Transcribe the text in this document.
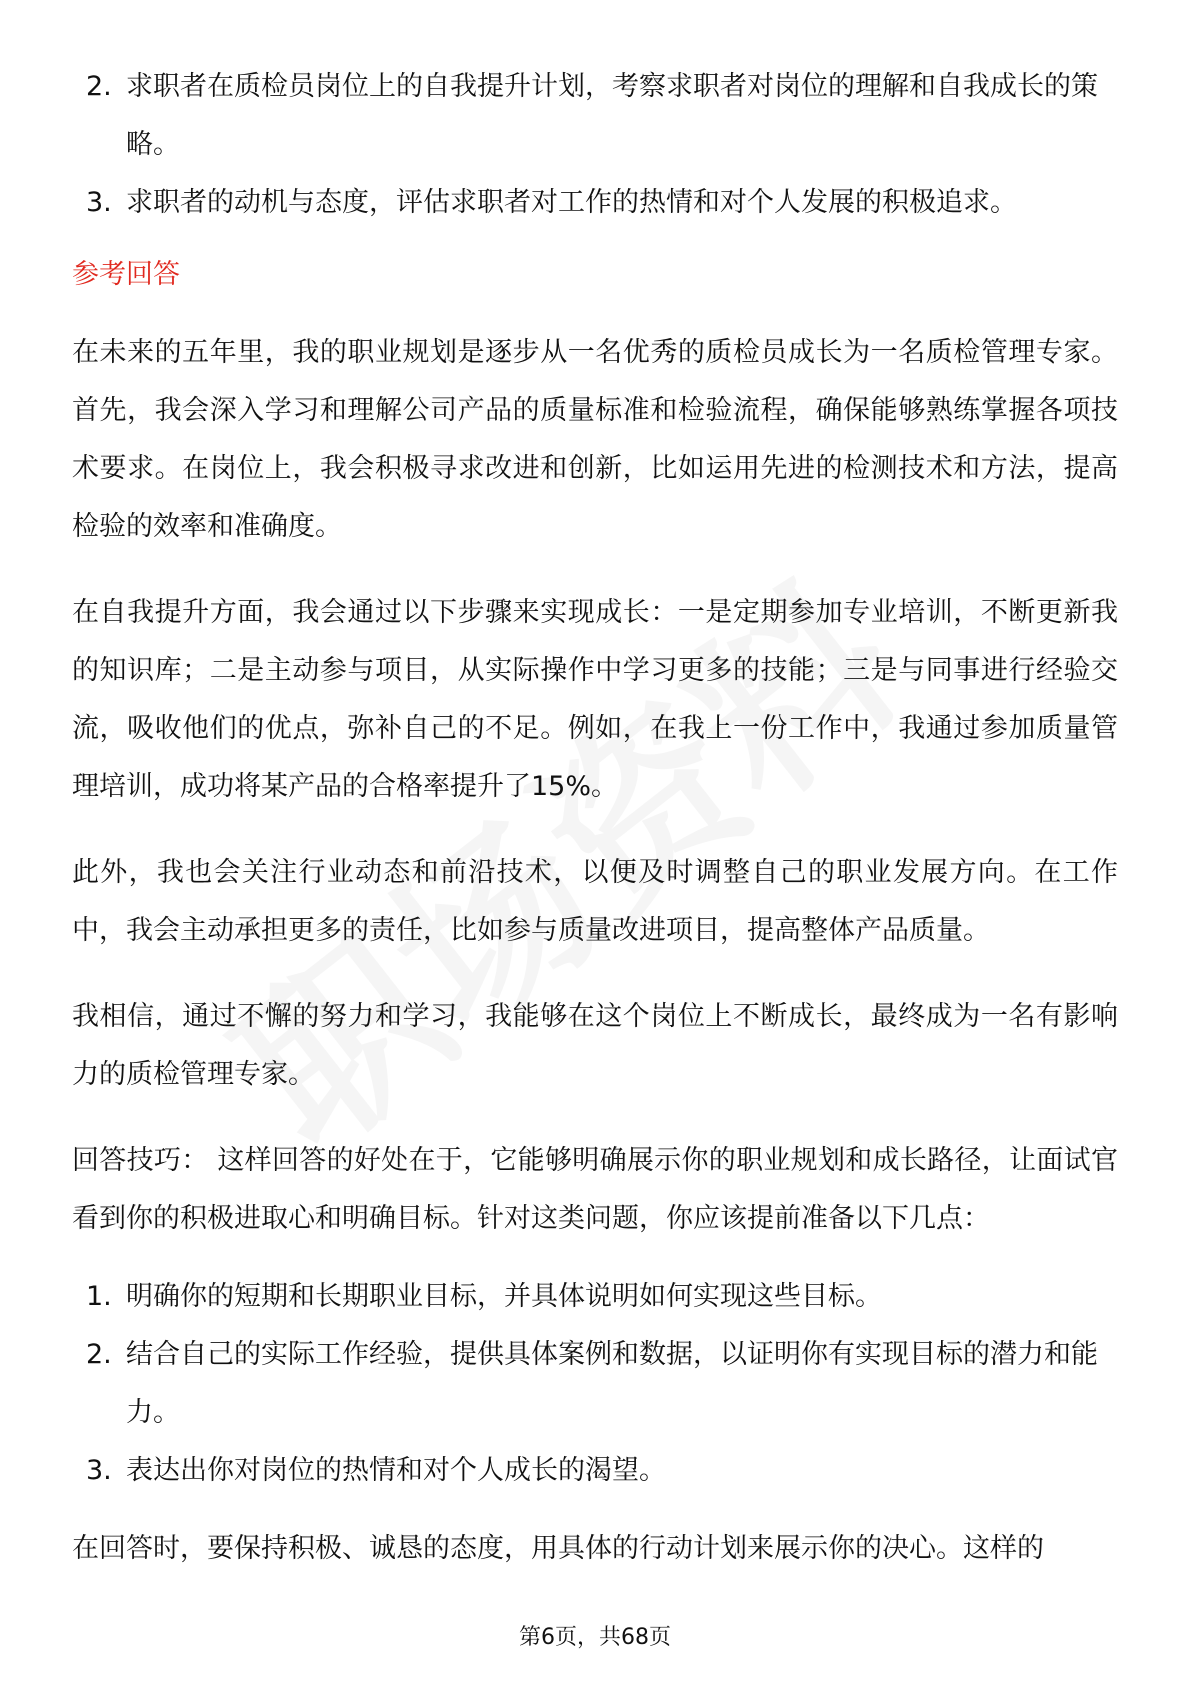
2. 求职者在质检员岗位上的自我提升计划，考察求职者对岗位的理解和自我成长的策略。
3. 求职者的动机与态度，评估求职者对工作的热情和对个人发展的积极追求。
参考回答

在未来的五年里，我的职业规划是逐步从一名优秀的质检员成长为一名质检管理专家。首先，我会深入学习和理解公司产品的质量标准和检验流程，确保能够熟练掌握各项技术要求。在岗位上，我会积极寻求改进和创新，比如运用先进的检测技术和方法，提高检验的效率和准确度。

在自我提升方面，我会通过以下步骤来实现成长：一是定期参加专业培训，不断更新我的知识库；二是主动参与项目，从实际操作中学习更多的技能；三是与同事进行经验交流，吸收他们的优点，弥补自己的不足。例如，在我上一份工作中，我通过参加质量管理培训，成功将某产品的合格率提升了15%。

此外，我也会关注行业动态和前沿技术，以便及时调整自己的职业发展方向。在工作中，我会主动承担更多的责任，比如参与质量改进项目，提高整体产品质量。

我相信，通过不懈的努力和学习，我能够在这个岗位上不断成长，最终成为一名有影响力的质检管理专家。

回答技巧： 这样回答的好处在于，它能够明确展示你的职业规划和成长路径，让面试官看到你的积极进取心和明确目标。针对这类问题，你应该提前准备以下几点：

1. 明确你的短期和长期职业目标，并具体说明如何实现这些目标。
2. 结合自己的实际工作经验，提供具体案例和数据，以证明你有实现目标的潜力和能力。
3. 表达出你对岗位的热情和对个人成长的渴望。

在回答时，要保持积极、诚恳的态度，用具体的行动计划来展示你的决心。这样的

第6页，共68页
